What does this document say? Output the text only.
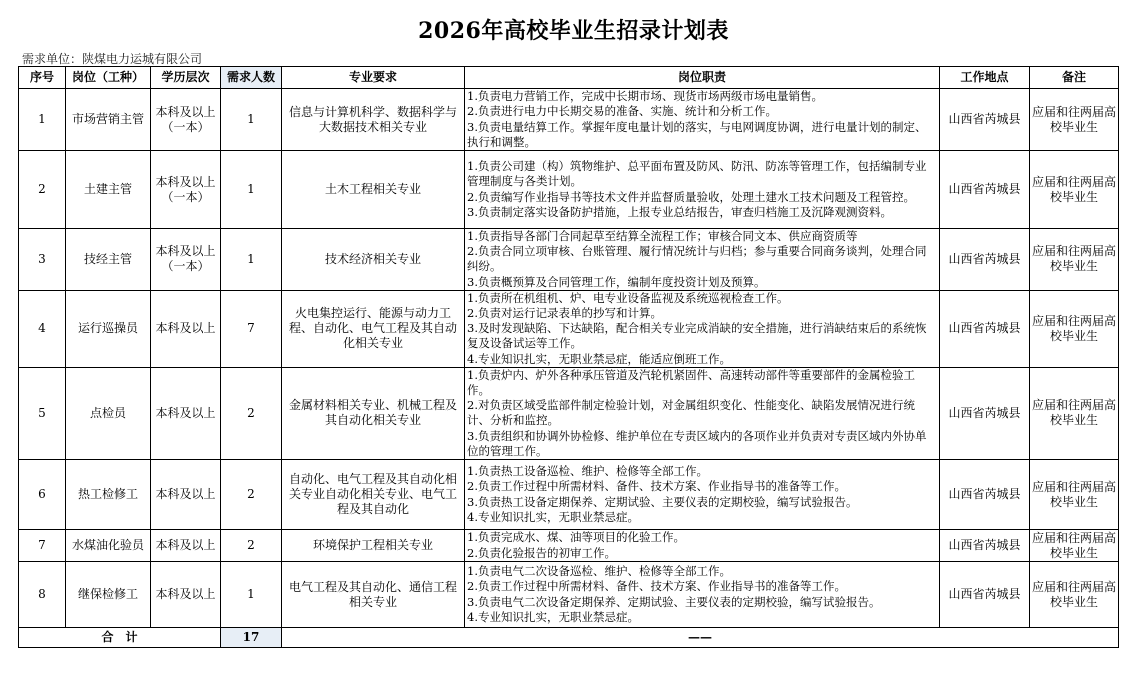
2026年高校毕业生招录计划表
需求单位：陕煤电力运城有限公司
序号	岗位（工种）	学历层次	需求人数	专业要求	岗位职责	工作地点	备注
1	市场营销主管	本科及以上（一本）	1	信息与计算机科学、数据科学与大数据技术相关专业	1.负责电力营销工作，完成中长期市场、现货市场两级市场电量销售。
2.负责进行电力中长期交易的准备、实施、统计和分析工作。
3.负责电量结算工作。掌握年度电量计划的落实，与电网调度协调，进行电量计划的制定、执行和调整。	山西省芮城县	应届和往两届高校毕业生
2	土建主管	本科及以上（一本）	1	土木工程相关专业	1.负责公司建（构）筑物维护、总平面布置及防风、防汛、防冻等管理工作，包括编制专业管理制度与各类计划。
2.负责编写作业指导书等技术文件并监督质量验收，处理土建水工技术问题及工程管控。
3.负责制定落实设备防护措施，上报专业总结报告，审查归档施工及沉降观测资料。	山西省芮城县	应届和往两届高校毕业生
3	技经主管	本科及以上（一本）	1	技术经济相关专业	1.负责指导各部门合同起草至结算全流程工作；审核合同文本、供应商资质等
2.负责合同立项审核、台账管理、履行情况统计与归档；参与重要合同商务谈判，处理合同纠纷。
3.负责概预算及合同管理工作，编制年度投资计划及预算。	山西省芮城县	应届和往两届高校毕业生
4	运行巡操员	本科及以上	7	火电集控运行、能源与动力工程、自动化、电气工程及其自动化相关专业	1.负责所在机组机、炉、电专业设备监视及系统巡视检查工作。
2.负责对运行记录表单的抄写和计算。
3.及时发现缺陷、下达缺陷，配合相关专业完成消缺的安全措施，进行消缺结束后的系统恢复及设备试运等工作。
4.专业知识扎实，无职业禁忌症，能适应倒班工作。	山西省芮城县	应届和往两届高校毕业生
5	点检员	本科及以上	2	金属材料相关专业、机械工程及其自动化相关专业	1.负责炉内、炉外各种承压管道及汽轮机紧固件、高速转动部件等重要部件的金属检验工作。
2.对负责区域受监部件制定检验计划，对金属组织变化、性能变化、缺陷发展情况进行统计、分析和监控。
3.负责组织和协调外协检修、维护单位在专责区域内的各项作业并负责对专责区域内外协单位的管理工作。	山西省芮城县	应届和往两届高校毕业生
6	热工检修工	本科及以上	2	自动化、电气工程及其自动化相关专业自动化相关专业、电气工程及其自动化	1.负责热工设备巡检、维护、检修等全部工作。
2.负责工作过程中所需材料、备件、技术方案、作业指导书的准备等工作。
3.负责热工设备定期保养、定期试验、主要仪表的定期校验，编写试验报告。
4.专业知识扎实，无职业禁忌症。	山西省芮城县	应届和往两届高校毕业生
7	水煤油化验员	本科及以上	2	环境保护工程相关专业	1.负责完成水、煤、油等项目的化验工作。
2.负责化验报告的初审工作。	山西省芮城县	应届和往两届高校毕业生
8	继保检修工	本科及以上	1	电气工程及其自动化、通信工程相关专业	1.负责电气二次设备巡检、维护、检修等全部工作。
2.负责工作过程中所需材料、备件、技术方案、作业指导书的准备等工作。
3.负责电气二次设备定期保养、定期试验、主要仪表的定期校验，编写试验报告。
4.专业知识扎实，无职业禁忌症。	山西省芮城县	应届和往两届高校毕业生
合　计			17	——			
